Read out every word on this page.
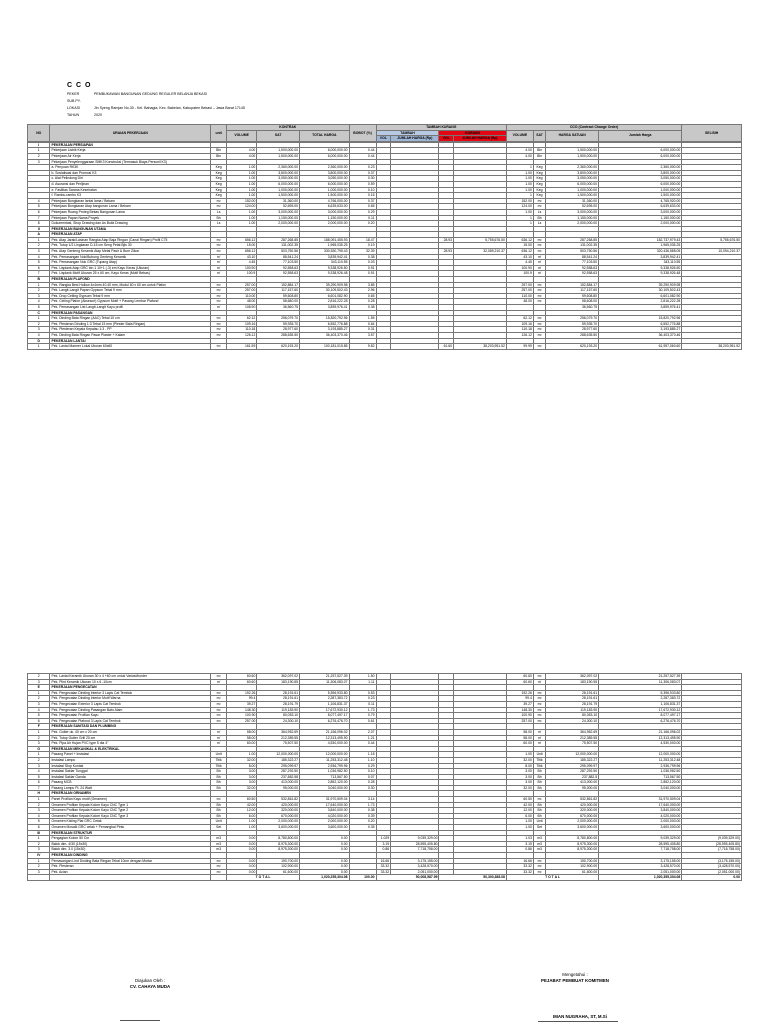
C C O
PEKER	PEMBUKAWAN BANGUNAN GEDUNG REGULER BELANJA BEKASI
SUB PY.
LOKASI	Jln Syeng Ramjan No.30 - Kel. Bahagia, Kec. Babelan, Kabupaten Bekasi – Jawa Barat 17145
TAHUN	2020
NO	URAIAN PEKERJAAN	unit	KONTRAK			BOBOT (%)	TAMBAH KURANG				CCO (Contract Change Order)				SELISIH
			VOLUME	SAT	TOTAL HARGA		TAMBAH		KURANG		VOLUME	SAT	HARGA SATUAN	Jumlah Harga	
							VOL	JUMLAH HARGA (Rp)	VOL	JUMLAH HARGA (Rp)					

I	PEKERJAAN PERSIAPAN														
1	Pekerjaan Listrik Kerja	Bln	4.00	1,500,000.00	6,000,000.00	0.44					4.00	Bln	1,500,000.00	6,000,000.00	
2	Pekerjaan Air Kerja	Bln	4.00	1,500,000.00	6,000,000.00	0.44					4.00	Bln	1,500,000.00	6,000,000.00	
3	Pekerjaan Penyelenggaraan SMK3 Konstruksi (Termasuk Biaya Personil K3)														
	a. Penyuan RK3K	Keg	1.00	2,360,000.00	2,360,000.00	0.23					1	Keg	2,360,000.00	2,360,000.00	
	b. Sosialisasi dan Promosi K3	Keg	1.00	3,800,000.00	3,800,000.00	0.37					1.00	Keg	3,800,000.00	3,800,000.00	
	c. Alat Pelindung Diri	Keg	1.00	3,050,000.00	3,050,000.00	0.30					1.00	Keg	3,050,000.00	3,050,000.00	
	d. Asuransi dan Perijinan	Keg	1.00	6,000,000.00	6,000,000.00	0.59					1.00	Keg	6,000,000.00	6,000,000.00	
	e. Fasilitas Sarana Kesehatan	Keg	1.00	1,000,000.00	1,000,000.00	0.10					1.00	Keg	1,000,000.00	1,000,000.00	
	f. Rambu-rambu K3	Keg	1.00	1,500,000.00	1,500,000.00	0.15					1	Keg	1,500,000.00	1,500,000.00	
4	Pekerjaan Bongkaran lantai lama / Bekam	m²	152.00	31,360.00	4,766,000.00	0.37					152.00	m²	31,360.00	4,765,920.00	
5	Pekerjaan Bongkaran Atap bangunan Lama / Bekam	m²	124.00	52,695.00	6,639,633.00	0.65					124.00	m²	52,695.00	6,639,633.00	
6	Pekerjaan Ruang Proteg Bekas Bangunan Lama	Ls	1.00	3,000,000.00	3,000,000.00	0.29					1.00	Ls	3,000,000.00	3,000,000.00	
7	Pekerjaan Papan Nama Proyek	Bh	1.00	1,150,000.00	1,150,000.00	0.11					1	Bh	1,150,000.00	1,150,000.00	
8	Dokumentasi, Shop Drawing dan As Build Drawing	Ls	1.00	2,000,000.00	2,000,000.00	0.20					1	Ls	2,000,000.00	2,000,000.00	
II	PEKERJAAN BANGUNAN UTAMA														
A	PEKERJAAN ATAP														
1	Pek. Atap Jarak/Lasinan Rangka Atap Baja Ringan (Canal Ringan) Profil C75	m²	656.12	287,268.85	188,091,455.93	18.47			28.93	5,755,676.50	636.12	m²	287,268.85	182,737,979.43	5,755,676.50
2	Pek. Tutup 1/2 Lingkaran D-15 cm Seng Pelat Bjls 30	m²	15.00	131,002.35	1,965,035.25	0.19					15.00	m²	131,002.35	1,965,035.25	
3	Pek. Atap Genteng Keramik Atap Metal Pasir & Bum Zikon	m²	656.12	503,750.56	330,530,795.43	32.39			28.93	32,089,210.37	636.12	m²	503,750.56	320,436,588.05	10,094,210.37
4	Pek. Pemasangan Nok/Bubung Genteng Keramik	m'	43.10	88,541.24	3,839,942.41	0.38					43.10	m'	88,541.24	3,839,942.41	
5	Pek. Pemasangan Nok GRC (Tupang Atap)	m'	4.45	77,103.50	343,110.55	0.03					4.45	m'	77,103.50	343,110.55	
6	Pek. Lisplank Atap GRC bin 1 10+1 (-3) em Kayu Keras (Ukuran)	m'	100.90	92,558.63	9,338,926.50	0.91					100.90	m'	92,558.63	9,338,926.50	
7	Pek. Lisplank Motif Ukuran 25 x 60 cm, Kayu Keras (Motif Bebas)	m'	100.9	92,558.63	9,338,926.48	0.91					100.9	m'	92,558.63	9,338,926.48	
B	PEKERJAAN PLAFOND														
1	Pek. Rangka Besi Hollow 4x4mm 40.40 mm, Modul 60 x 60 cm untuk Plafon	m²	257.00	152,884.17	39,290,909.98	3.85					257.00	m²	152,884.17	39,290,909.98	
2	Pek. Langit-Langit Papan Gypsum Tebal 9 mm	m²	257.00	117,157.60	30,109,502.43	2.96					257.00	m²	117,157.60	30,109,502.43	
3	Pek. Drop Ceiling Gypsum Tebal 9 mm	m²	110.00	59,608.80	6,601,082.90	0.65					110.00	m²	59,608.80	6,601,082.90	
4	Pek. Ceiling Plafon (Aksesori) Gypsum Motif + Pasang Lembar Plafond	m²	48.00	58,680.00	2,816,222.28	0.28					48.00	m²	58,608.00	2,816,222.28	
5	Pek. Pemasangan List Langit-Langit Kayu profil	m'	108.90	36,560.75	3,859,976.41	0.38							36,560.75	3,859,976.41	
C	PEKERJAAN PASANGAN														
1	Pek. Dinding Bata Ringan (AAC) Tebal 10 cm	m²	62.12	256,079.70	15,820,792.96	1.55					62.12	m²	256,079.70	15,820,792.96	
2	Pek. Plesteran Dinding 1:3 Tebal 15 mm (Plester Bata Ringan)	m²	109.16	59,935.70	6,552,776.88	0.64					109.16	m²	59,935.70	6,552,776.88	
3	Pek. Plesteran Kepala Kepalau 1:3 - PP	m²	110.18	28,977.60	3,193,885.27	0.31					110.18	m²	28,977.60	3,193,885.27	
4	Pek. Dinding Bata Ringan Pasar Plaster + Kalam	m²	126.12	288,635.50	36,403,370.46	3.57					126.12	m²	288,635.50	36,403,370.46	
D	PEKERJAAN LANTAI														
1	Pek. Lantai Marmer Lokal Ukuran 60x60	m²	161.59	620,193.20	100,181,015.85	9.82			61.60	38,203,951.52	99.99	m²	620,193.20	61,957,060.60	38,203,951.52
2	Pek. Lantai Keramik Ukuran 30 x 4 +60 cm untuk Variasi/border	m²	60.60	362,097.02	21,257,527.39	1.50					60.60	m²	362,097.02	21,257,527.39	
3	Pek. Plint Keramik Ukuran 10 x 6 -10cm	m'	60.60	183,190.55	11,306,083.07	1.11					60.60	m'	183,190.55	11,306,083.07	
E	PEKERJAAN PENGECATAN														
1	Pek. Pengecatan Dinding Interior 3 Lapis Cat Tembok	m²	192.26	28,191.61	5,396,933.80	0.53					192.26	m²	28,191.61	5,396,933.80	
2	Pek. Pengecatan Dinding Interior Motif Warna	m²	99.4	28,191.61	2,287,383.72	0.23					99.4	m²	28,191.61	2,287,383.72	
3	Pek. Pengecatan Exterior 3 Lapis Cat Tembok	m²	39.27	28,191.79	1,106,831.37	0.11					39.27	m²	28,191.79	1,106,831.37	
4	Pek. Pengecatan Dinding Pasangan Batu Alam	m²	148.30	119,183.90	17,672,930.12	1.73					148.30	m²	119,183.90	17,672,930.12	
5	Pek. Pengecatan Profilan Kayu	m²	100.90	80,053.10	8,077,497.17	0.79					100.90	m²	80,053.10	8,077,497.17	
6	Pek. Pengecatan Plafond 3 Lapis Cat Tembok	m²	257.00	24,300.10	6,276,476.70	0.61					257.00	m²	24,300.10	6,276,476.70	
F	PEKERJAAN SANITASI DAN PLUMBING														
1	Pek. Gutter uk. 40 cm x 20 cm	m'	58.00	364,952.69	21,166,096.02	2.07					58.00	m'	364,952.69	21,166,096.02	
2	Pek. Tutup Gutter Grill 20 cm	m'	58.00	212,389.55	12,313,495.90	1.21					58.00	m'	212,389.55	12,313,495.90	
3	Pek. Pipa Air Hujan PVC type 5 dia 4"	m'	60.00	75,507.50	4,530,000.00	0.44					60.00	m'	75,507.50	4,530,000.00	
G	PEKERJAAN MEKANIKAL & ELEKTRIKAL														
1	Pasang Panel + Instalasi	Unit	1.00	12,000,000.00	12,000,000.00	1.18					1.00	Unit	12,000,000.00	12,000,000.00	
2	Instalasi Lampu	Titik	32.00	185,322.27	11,253,312.48	1.10					32.00	Titik	185,322.27	11,253,312.48	
3	Instalasi Stop Kontak	Titik	8.00	295,099.97	2,936,799.96	0.29					8.00	Titik	295,099.97	2,936,799.96	
4	Instalasi Saklar Tunggal	Bh	3.00	287,292.50	1,036,982.50	0.10					3.00	Bh	287,292.50	1,036,982.50	
5	Instalasi Saklar Ganda	Bh	3.00	237,882.58	713,567.50	0.07					3.00	Bh	237,882.5	713,567.50	
6	Pasang MCB	Bh	3.00	413,000.00	2,852,120.00	0.28					3.00	Bh	413,000.00	2,852,120.00	
7	Pasang Lampu PL 24 Watt	Bh	32.00	95,000.00	3,040,000.00	0.30					32.00	Bh	95,000.00	3,040,000.00	
H	PEKERJAAN ORNAMEN														
1	Panel Profilan Kayu motif (Ornamen)	m²	60.50	532,861.82	31,970,509.04	3.14					60.50	m²	532,861.82	31,970,509.04	
2	Ornamen Profilan Kepala Kolom Kayu CNC Type 1	Bh	42.00	420,000.00	17,640,000.00	1.73					42.00	Bh	420,000.00	17,640,000.00	
3	Ornamen Profilan Kepala Kolom Kayu CNC Type 2	Bh	12.00	320,000.00	3,840,000.00	0.38					12.00	Bh	320,000.00	3,840,000.00	
4	Ornamen Profilan Kepala Kolom Kayu CNC Type 3	Bh	6.00	670,000.00	4,020,000.00	0.39					6.00	Bh	670,000.00	4,020,000.00	
5	Ornamen Kisling Plat GRC Cetak	Unit	1.00	2,000,000.00	2,000,000.00	0.20					1.00	Unit	2,000,000.00	2,000,000.00	
6	Ornamen Mosaik GRC cetak + Pemangkal Pintu	Set	1.00	3,600,000.00	3,600,000.00	0.35					1.00	Set	3,600,000.00	3,600,000.00	
III	PEKERJAAN STRUKTUR														
1	Pengagian Kolom 50 Cm	m3	0.00	8,780,800.00	0.00		1.029	9,039,329.00			1.03	m3	8,780,800.00	9,039,329.00	(9,039,329.00)
2	Balok dim. 4/30 (15x30)	m3	0.00	8,975,300.00	0.00		3.19	28,595,405.80			3.19	m3	8,975,300.00	28,595,405.80	(28,595,405.80)
3	Balok dim. 3.0 (15x30)	m3	0.00	8,975,300.00	0.00		0.86	7,718,758.00			0.86	m3	8,975,300.00	7,718,758.00	(7,718,758.00)
IV	PEKERJAAN DINDING														
1	Pemasangan Lind Dinding Bata Ringan Tebal 10cm dengan Mortar	m²	0.00	190,700.00	0.00		16.66	3,175,155.00			16.66	m²	190,700.00	3,175,155.00	(3,175,155.00)
2	Pek. Plesteran	m²	0.00	102,900.00	0.00		33.32	3,428,570.00			33.32	m²	102,900.00	3,428,570.00	(3,428,570.00)
3	Pek. Acian	m²	0.00	61,600.00	0.00		33.32	2,051,000.00			33.32	m²	61,600.00	2,051,000.00	(2,051,000.00)
			T O T A L		1,020,255,304.08	100.00	50,008,587.99		50,300,388.08		T O T A L			1,020,355,304.08	0.00
Diajukan Oleh :
CV. CAHAYA MUDA
Mengetahui :
PEJABAT PEMBUAT KOMITMEN
IMAN NUGRAHA, ST, M.Si
